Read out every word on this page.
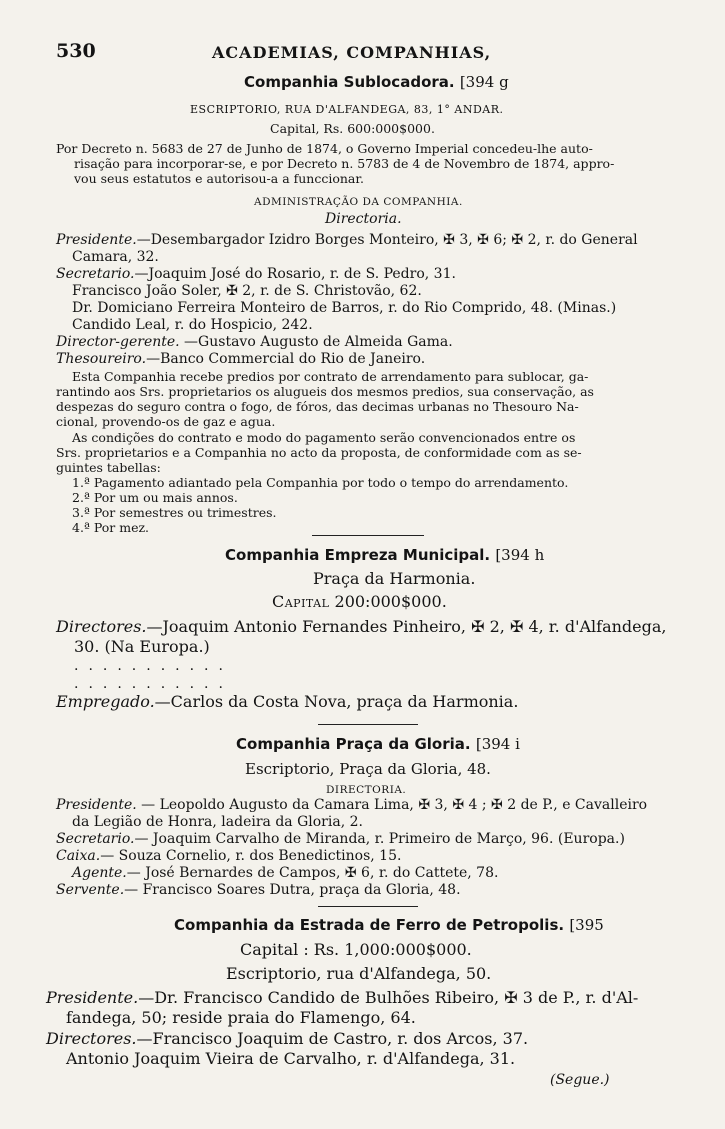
530	ACADEMIAS, COMPANHIAS,
Companhia Sublocadora. [394 g
ESCRIPTORIO, RUA D'ALFANDEGA, 83, 1° ANDAR.
Capital, Rs. 600:000$000.
Por Decreto n. 5683 de 27 de Junho de 1874, o Governo Imperial concedeu-lhe auto-
risação para incorporar-se, e por Decreto n. 5783 de 4 de Novembro de 1874, appro-
vou seus estatutos e autorisou-a a funccionar.
ADMINISTRAÇÃO DA COMPANHIA.
Directoria.
Presidente.—Desembargador Izidro Borges Monteiro, ✠ 3, ✠ 6; ✠ 2, r. do General
Camara, 32.
Secretario.—Joaquim José do Rosario, r. de S. Pedro, 31.
Francisco João Soler, ✠ 2, r. de S. Christovão, 62.
Dr. Domiciano Ferreira Monteiro de Barros, r. do Rio Comprido, 48. (Minas.)
Candido Leal, r. do Hospicio, 242.
Director-gerente. —Gustavo Augusto de Almeida Gama.
Thesoureiro.—Banco Commercial do Rio de Janeiro.
Esta Companhia recebe predios por contrato de arrendamento para sublocar, ga-
rantindo aos Srs. proprietarios os alugueis dos mesmos predios, sua conservação, as
despezas do seguro contra o fogo, de fóros, das decimas urbanas no Thesouro Na-
cional, provendo-os de gaz e agua.
As condições do contrato e modo do pagamento serão convencionados entre os
Srs. proprietarios e a Companhia no acto da proposta, de conformidade com as se-
guintes tabellas:
1.ª Pagamento adiantado pela Companhia por todo o tempo do arrendamento.
2.ª Por um ou mais annos.
3.ª Por semestres ou trimestres.
4.ª Por mez.
Companhia Empreza Municipal. [394 h
Praça da Harmonia.
Capital 200:000$000.
Directores.—Joaquim Antonio Fernandes Pinheiro, ✠ 2, ✠ 4, r. d'Alfandega,
30. (Na Europa.)
...........
...........
Empregado.—Carlos da Costa Nova, praça da Harmonia.
Companhia Praça da Gloria. [394 i
Escriptorio, Praça da Gloria, 48.
DIRECTORIA.
Presidente. — Leopoldo Augusto da Camara Lima, ✠ 3, ✠ 4 ; ✠ 2 de P., e Cavalleiro
da Legião de Honra, ladeira da Gloria, 2.
Secretario.— Joaquim Carvalho de Miranda, r. Primeiro de Março, 96. (Europa.)
Caixa.— Souza Cornelio, r. dos Benedictinos, 15.
Agente.— José Bernardes de Campos, ✠ 6, r. do Cattete, 78.
Servente.— Francisco Soares Dutra, praça da Gloria, 48.
Companhia da Estrada de Ferro de Petropolis. [395
Capital : Rs. 1,000:000$000.
Escriptorio, rua d'Alfandega, 50.
Presidente.—Dr. Francisco Candido de Bulhões Ribeiro, ✠ 3 de P., r. d'Al-
fandega, 50; reside praia do Flamengo, 64.
Directores.—Francisco Joaquim de Castro, r. dos Arcos, 37.
Antonio Joaquim Vieira de Carvalho, r. d'Alfandega, 31.
(Segue.)
